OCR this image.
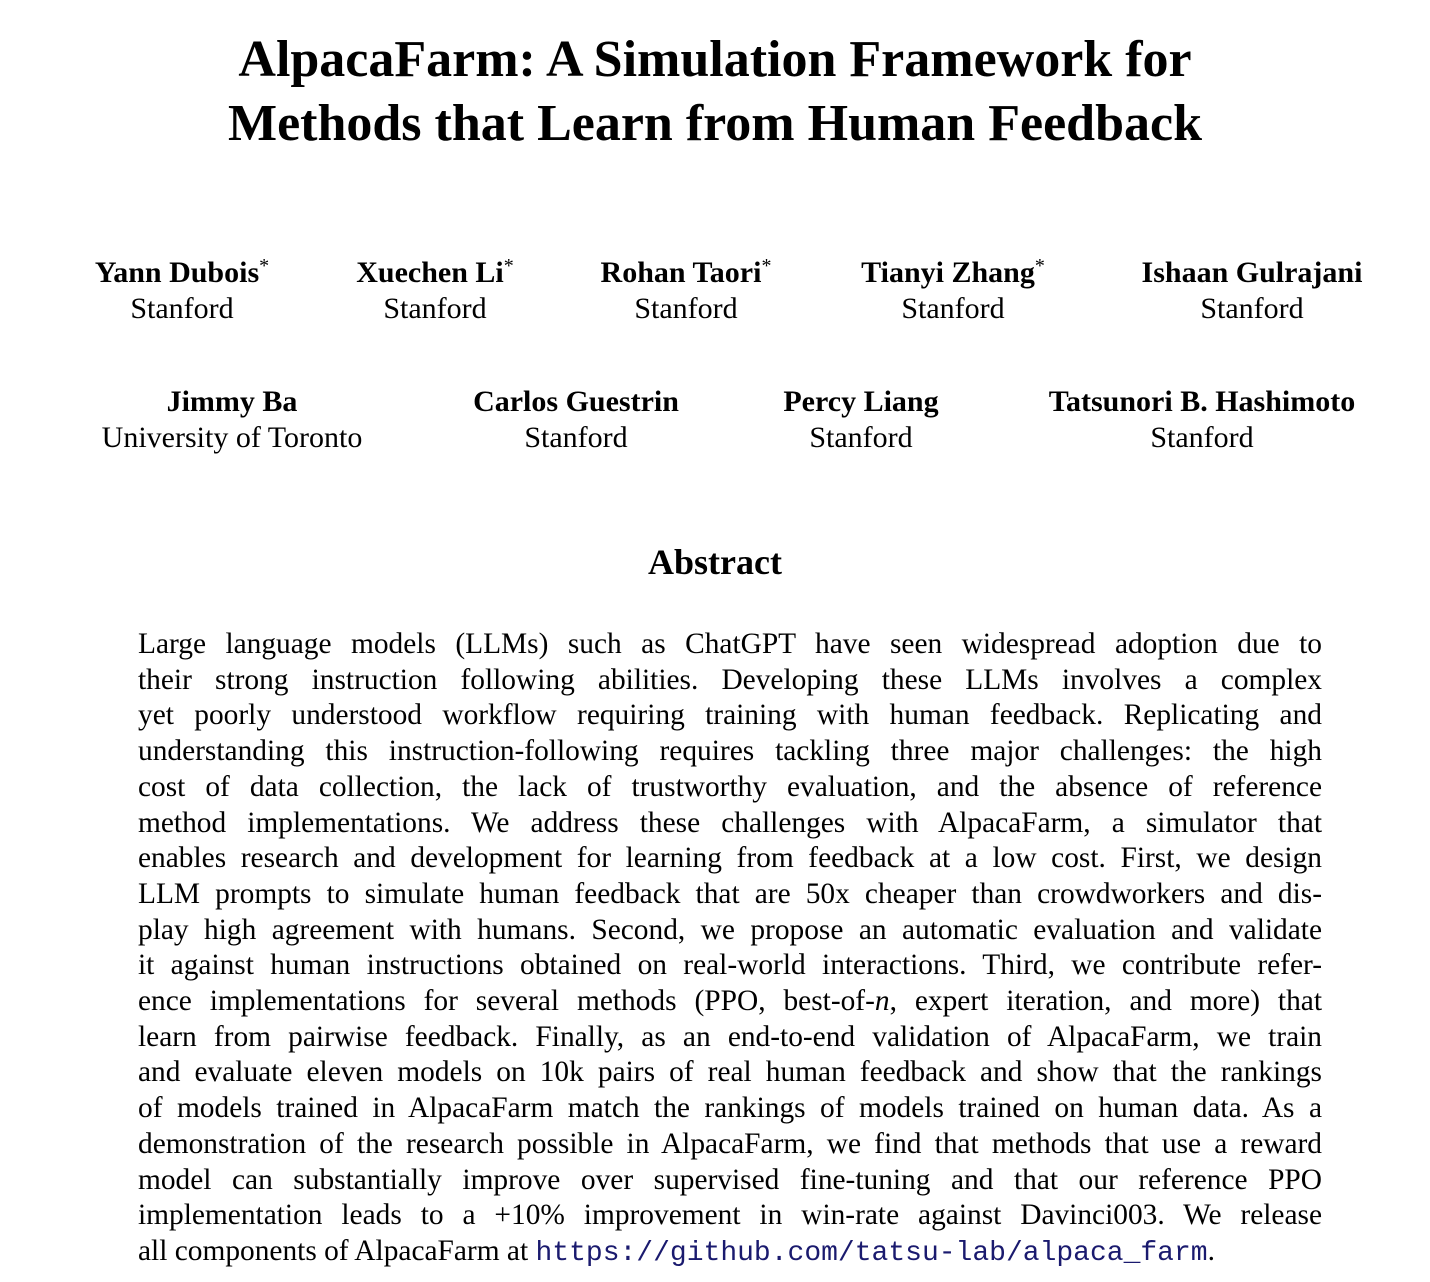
AlpacaFarm: A Simulation Framework for
Methods that Learn from Human Feedback
Yann Dubois*
Stanford
Xuechen Li*
Stanford
Rohan Taori*
Stanford
Tianyi Zhang*
Stanford
Ishaan Gulrajani
Stanford
Jimmy Ba
University of Toronto
Carlos Guestrin
Stanford
Percy Liang
Stanford
Tatsunori B. Hashimoto
Stanford
Abstract
Large language models (LLMs) such as ChatGPT have seen widespread adoption due to
their strong instruction following abilities. Developing these LLMs involves a complex
yet poorly understood workflow requiring training with human feedback. Replicating and
understanding this instruction-following requires tackling three major challenges: the high
cost of data collection, the lack of trustworthy evaluation, and the absence of reference
method implementations. We address these challenges with AlpacaFarm, a simulator that
enables research and development for learning from feedback at a low cost. First, we design
LLM prompts to simulate human feedback that are 50x cheaper than crowdworkers and dis-
play high agreement with humans. Second, we propose an automatic evaluation and validate
it against human instructions obtained on real-world interactions. Third, we contribute refer-
ence implementations for several methods (PPO, best-of-n, expert iteration, and more) that
learn from pairwise feedback. Finally, as an end-to-end validation of AlpacaFarm, we train
and evaluate eleven models on 10k pairs of real human feedback and show that the rankings
of models trained in AlpacaFarm match the rankings of models trained on human data. As a
demonstration of the research possible in AlpacaFarm, we find that methods that use a reward
model can substantially improve over supervised fine-tuning and that our reference PPO
implementation leads to a +10% improvement in win-rate against Davinci003. We release
all components of AlpacaFarm at https://github.com/tatsu-lab/alpaca_farm.
